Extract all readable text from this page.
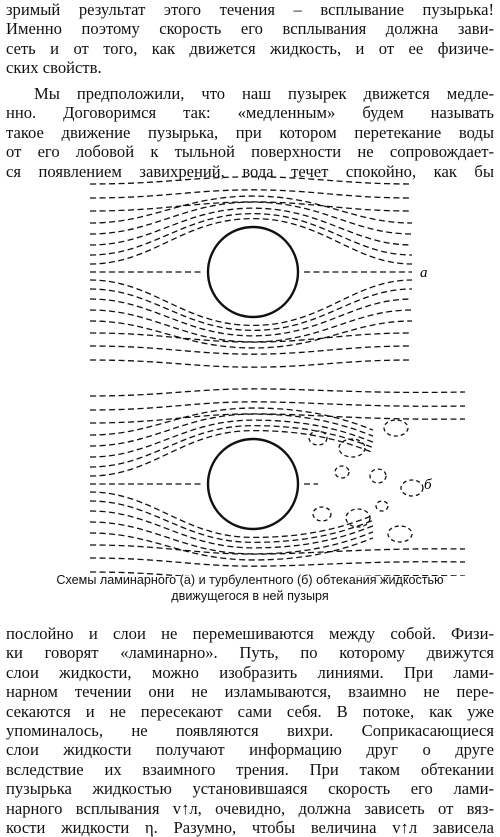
зримый результат этого течения – всплывание пузырька!
Именно поэтому скорость его всплывания должна зави-
сеть и от того, как движется жидкость, и от ее физиче-
ских свойств.
Мы предположили, что наш пузырек движется медле-
нно. Договоримся так: «медленным» будем называть
такое движение пузырька, при котором перетекание воды
от его лобовой к тыльной поверхности не сопровождает-
ся появлением завихрений, вода течет спокойно, как бы
а
б
Схемы ламинарного (а) и турбулентного (б) обтекания жидкостью
движущегося в ней пузыря
послойно и слои не перемешиваются между собой. Физи-
ки говорят «ламинарно». Путь, по которому движутся
слои жидкости, можно изобразить линиями. При лами-
нарном течении они не изламываются, взаимно не пере-
секаются и не пересекают сами себя. В потоке, как уже
упоминалось, не появляются вихри. Соприкасающиеся
слои жидкости получают информацию друг о друге
вследствие их взаимного трения. При таком обтекании
пузырька жидкостью установившаяся скорость его лами-
нарного всплывания v↑л, очевидно, должна зависеть от вяз-
кости жидкости η. Разумно, чтобы величина v↑л зависела
